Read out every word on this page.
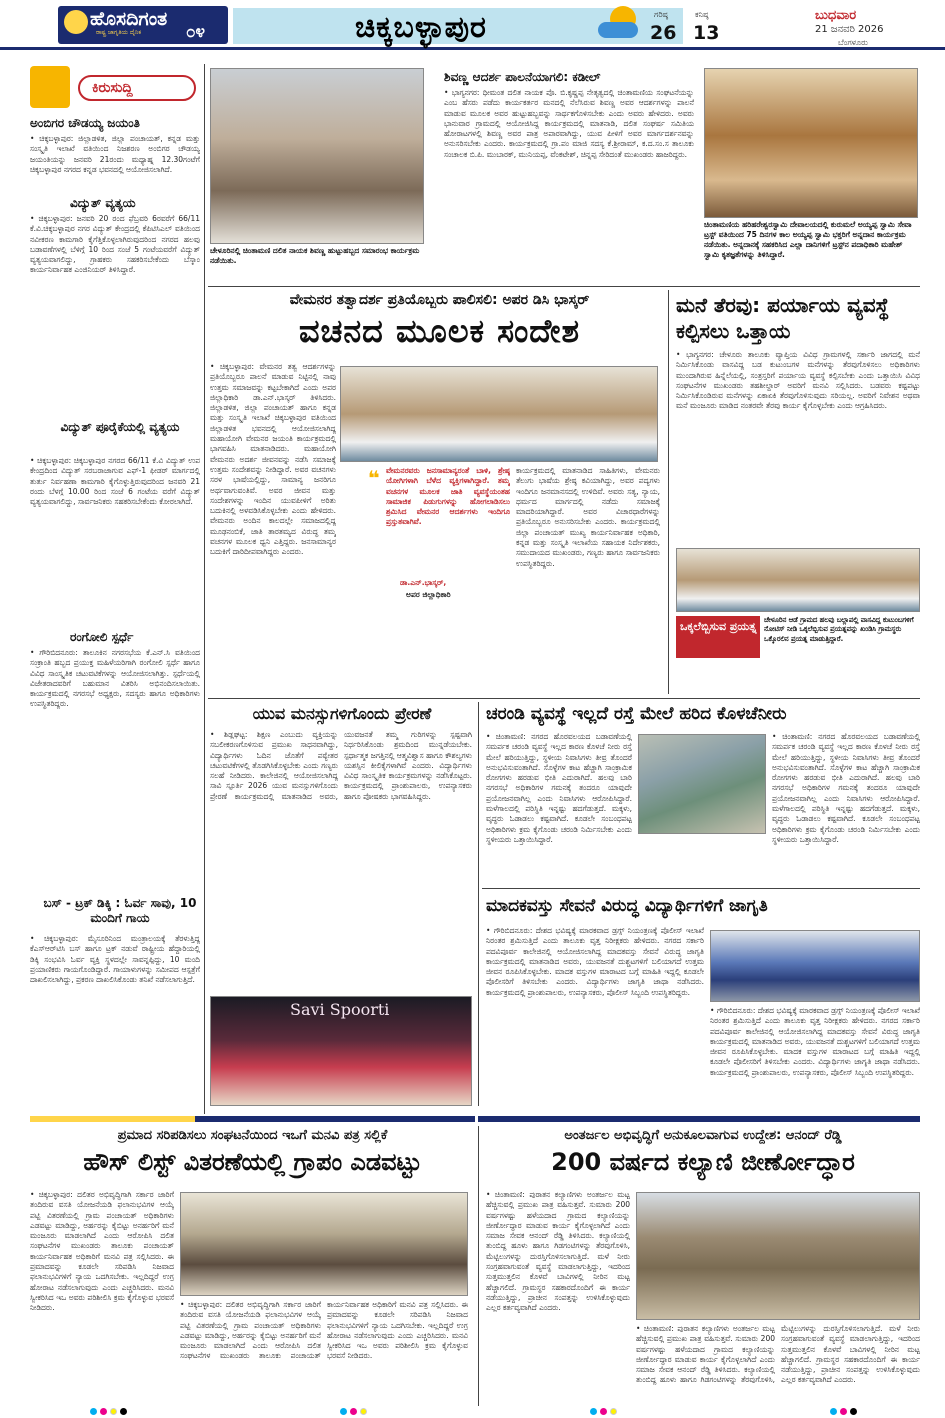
ಹೊಸದಿಗಂತ
ರಾಷ್ಟ್ರ ಜಾಗೃತಿಯ ದೈನಿಕ	೦೪	ಚಿಕ್ಕಬಳ್ಳಾಪುರ	ಗರಿಷ್ಠ
26
ಕನಿಷ್ಠ
13
ಬುಧವಾರ
21 ಜನವರಿ 2026
ಬೆಂಗಳೂರು
ಕಿರುಸುದ್ದಿ
ಅಂಬಿಗರ ಚೌಡಯ್ಯ ಜಯಂತಿ
• ಚಿಕ್ಕಬಳ್ಳಾಪುರ: ಜಿಲ್ಲಾಡಳಿತ, ಜಿಲ್ಲಾ ಪಂಚಾಯತ್, ಕನ್ನಡ ಮತ್ತು ಸಂಸ್ಕೃತಿ ಇಲಾಖೆ ವತಿಯಿಂದ ನಿಜಶರಣ ಅಂಬಿಗರ ಚೌಡಯ್ಯ ಜಯಂತಿಯನ್ನು ಜನವರಿ 21ರಂದು ಮಧ್ಯಾಹ್ನ 12.30ಗಂಟೆಗೆ ಚಿಕ್ಕಬಳ್ಳಾಪುರ ನಗರದ ಕನ್ನಡ ಭವನದಲ್ಲಿ ಆಯೋಜಿಸಲಾಗಿದೆ.
ವಿದ್ಯುತ್ ವ್ಯತ್ಯಯ
• ಚಿಕ್ಕಬಳ್ಳಾಪುರ: ಜನವರಿ 20 ರಂದ ಫೆಬ್ರವರಿ 6ರವರೆಗೆ 66/11 ಕೆ.ವಿ.ಚಿಕ್ಕಬಳ್ಳಾಪುರ ನಗರ ವಿದ್ಯುತ್ ಕೇಂದ್ರದಲ್ಲಿ ಕೆಪಿಟಿಸಿಎಲ್ ವತಿಯಿಂದ ನವೀಕರಣ ಕಾಮಗಾರಿ ಕೈಗೆತ್ತಿಕೊಳ್ಳಲಾಗಿರುವುದರಿಂದ ನಗರದ ಹಲವು ಬಡಾವಣೆಗಳಲ್ಲಿ ಬೆಳಿಗ್ಗೆ 10 ರಿಂದ ಸಂಜೆ 5 ಗಂಟೆಯವರೆಗೆ ವಿದ್ಯುತ್ ವ್ಯತ್ಯಯವಾಗಲಿದ್ದು, ಗ್ರಾಹಕರು ಸಹಕರಿಸಬೇಕೆಂದು ಬೆಸ್ಕಾಂ ಕಾರ್ಯನಿರ್ವಾಹಕ ಎಂಜಿನಿಯರ್ ತಿಳಿಸಿದ್ದಾರೆ.
ವಿದ್ಯುತ್ ಪೂರೈಕೆಯಲ್ಲಿ ವ್ಯತ್ಯಯ
• ಚಿಕ್ಕಬಳ್ಳಾಪುರ: ಚಿಕ್ಕಬಳ್ಳಾಪುರ ನಗರದ 66/11 ಕೆ.ವಿ ವಿದ್ಯುತ್ ಉಪ ಕೇಂದ್ರದಿಂದ ವಿದ್ಯುತ್ ಸರಬರಾಜಾಗುವ ಎಫ್-1 ಫೀಡರ್ ಮಾರ್ಗದಲ್ಲಿ ತುರ್ತು ನಿರ್ವಹಣಾ ಕಾಮಗಾರಿ ಕೈಗೊಳ್ಳುತ್ತಿರುವುದರಿಂದ ಜನವರಿ 21 ರಂದು ಬೆಳಗ್ಗೆ 10.00 ರಿಂದ ಸಂಜೆ 6 ಗಂಟೆಯ ವರೆಗೆ ವಿದ್ಯುತ್ ವ್ಯತ್ಯಯವಾಗಲಿದ್ದು, ಸಾರ್ವಜನಿಕರು ಸಹಕರಿಸಬೇಕೆಂದು ಕೋರಲಾಗಿದೆ.
ರಂಗೋಲಿ ಸ್ಪರ್ಧೆ
• ಗೌರಿಬಿದನೂರು: ತಾಲೂಕಿನ ನಗರಸಭೆಯ ಕೆ.ಎನ್.ಸಿ ವತಿಯಿಂದ ಸಂಕ್ರಾಂತಿ ಹಬ್ಬದ ಪ್ರಯುಕ್ತ ಮಹಿಳೆಯರಿಗಾಗಿ ರಂಗೋಲಿ ಸ್ಪರ್ಧೆ ಹಾಗೂ ವಿವಿಧ ಸಾಂಸ್ಕೃತಿಕ ಚಟುವಟಿಕೆಗಳನ್ನು ಆಯೋಜಿಸಲಾಗಿತ್ತು. ಸ್ಪರ್ಧೆಯಲ್ಲಿ ವಿಜೇತರಾದವರಿಗೆ ಬಹುಮಾನ ವಿತರಿಸಿ ಅಭಿನಂದಿಸಲಾಯಿತು. ಕಾರ್ಯಕ್ರಮದಲ್ಲಿ ನಗರಸಭೆ ಅಧ್ಯಕ್ಷರು, ಸದಸ್ಯರು ಹಾಗೂ ಅಧಿಕಾರಿಗಳು ಉಪಸ್ಥಿತರಿದ್ದರು.
ಬಸ್ - ಟ್ರಕ್ ಡಿಕ್ಕಿ : ಓರ್ವ ಸಾವು, 10 ಮಂದಿಗೆ ಗಾಯ
• ಚಿಕ್ಕಬಳ್ಳಾಪುರ: ಮೈಸೂರಿನಿಂದ ಮಂತ್ರಾಲಯಕ್ಕೆ ತೆರಳುತ್ತಿದ್ದ ಕೆಎಸ್ಆರ್‌ಟಿಸಿ ಬಸ್ ಹಾಗೂ ಟ್ರಕ್ ನಡುವೆ ರಾಷ್ಟ್ರೀಯ ಹೆದ್ದಾರಿಯಲ್ಲಿ ಡಿಕ್ಕಿ ಸಂಭವಿಸಿ ಓರ್ವ ವ್ಯಕ್ತಿ ಸ್ಥಳದಲ್ಲೇ ಸಾವನ್ನಪ್ಪಿದ್ದು, 10 ಮಂದಿ ಪ್ರಯಾಣಿಕರು ಗಾಯಗೊಂಡಿದ್ದಾರೆ. ಗಾಯಾಳುಗಳನ್ನು ಸಮೀಪದ ಆಸ್ಪತ್ರೆಗೆ ದಾಖಲಿಸಲಾಗಿದ್ದು, ಪ್ರಕರಣ ದಾಖಲಿಸಿಕೊಂಡು ತನಿಖೆ ನಡೆಸಲಾಗುತ್ತಿದೆ.
ಚೇಳೂರಿನಲ್ಲಿ ಚಿಂತಾಮಣಿ ದಲಿತ ನಾಯಕ ಶಿವಣ್ಣ ಹುಟ್ಟುಹಬ್ಬದ ಸಮಾರಂಭ ಕಾರ್ಯಕ್ರಮ ನಡೆಯಿತು.
ಶಿವಣ್ಣ ಆದರ್ಶ ಪಾಲನೆಯಾಗಲಿ: ಕಡೀಲ್
• ಭಾಗ್ಯನಗರ: ಧೀಮಂತ ದಲಿತ ನಾಯಕ ಪೊ. ಬಿ.ಕೃಷ್ಣಪ್ಪ ನೇತೃತ್ವದಲ್ಲಿ ಚಿಂತಾಮಣಿಯ ಸಂಘಟನೆಯನ್ನು ಎಂಬ ಹೆಸರು ಪಡೆದು ಕಾರ್ಯಕರ್ತರ ಮನದಲ್ಲಿ ನೆಲೆಸಿರುವ ಶಿವಣ್ಣ ಅವರ ಆದರ್ಶಗಳನ್ನು ಪಾಲನೆ ಮಾಡುವ ಮೂಲಕ ಅವರ ಹುಟ್ಟುಹಬ್ಬವನ್ನು ಸಾರ್ಥಕಗೊಳಿಸಬೇಕು ಎಂದು ಅವರು ಹೇಳಿದರು. ಅವರು ಭಾನುವಾರ ಗ್ರಾಮದಲ್ಲಿ ಆಯೋಜಿಸಿದ್ದ ಕಾರ್ಯಕ್ರಮದಲ್ಲಿ ಮಾತನಾಡಿ, ದಲಿತ ಸಂಘರ್ಷ ಸಮಿತಿಯ ಹೋರಾಟಗಳಲ್ಲಿ ಶಿವಣ್ಣ ಅವರ ಪಾತ್ರ ಅಪಾರವಾಗಿದ್ದು, ಯುವ ಪೀಳಿಗೆ ಅವರ ಮಾರ್ಗದರ್ಶನವನ್ನು ಅನುಸರಿಸಬೇಕು ಎಂದರು. ಕಾರ್ಯಕ್ರಮದಲ್ಲಿ ಗ್ರಾ.ಪಂ ಮಾಜಿ ಸದಸ್ಯ ಕೆ.ಶ್ರೀರಾಮ್, ಕ.ದ.ಸಂ.ಸ ತಾಲೂಕು ಸಂಚಾಲಕ ಬಿ.ಪಿ. ಮುಬಾರಕ್, ಮುನಿಯಪ್ಪ, ವೆಂಕಟೇಶ್, ಚಿನ್ನಪ್ಪ ಸೇರಿದಂತೆ ಮುಖಂಡರು ಹಾಜರಿದ್ದರು.
ಚಿಂತಾಮಣಿಯ ಹರಿಹರೇಶ್ವರಸ್ವಾಮಿ ದೇವಾಲಯದಲ್ಲಿ ಕುರುಮಲೆ ಅಯ್ಯಪ್ಪ ಸ್ವಾಮಿ ಸೇವಾ ಟ್ರಸ್ಟ್ ವತಿಯಿಂದ 75 ದಿನಗಳ ಕಾಲ ಅಯ್ಯಪ್ಪ ಸ್ವಾಮಿ ಭಕ್ತರಿಗೆ ಅನ್ನದಾನ ಕಾರ್ಯಕ್ರಮ ನಡೆಯಿತು. ಅನ್ನದಾನಕ್ಕೆ ಸಹಕರಿಸಿದ ಎಲ್ಲಾ ದಾನಿಗಳಿಗೆ ಟ್ರಸ್ಟ್‌ನ ಪದಾಧಿಕಾರಿ ಮಹೇಶ್ ಸ್ವಾಮಿ ಕೃತಜ್ಞತೆಗಳನ್ನು ತಿಳಿಸಿದ್ದಾರೆ.
ವೇಮನರ ತತ್ವಾದರ್ಶ ಪ್ರತಿಯೊಬ್ಬರು ಪಾಲಿಸಲಿ: ಅಪರ ಡಿಸಿ ಭಾಸ್ಕರ್
ವಚನದ ಮೂಲಕ ಸಂದೇಶ
• ಚಿಕ್ಕಬಳ್ಳಾಪುರ: ವೇಮನರ ತತ್ವ ಆದರ್ಶಗಳನ್ನು ಪ್ರತಿಯೊಬ್ಬರೂ ಪಾಲನೆ ಮಾಡುವ ನಿಟ್ಟಿನಲ್ಲಿ ನಾವು ಉತ್ತಮ ಸಮಾಜವನ್ನು ಕಟ್ಟಬೇಕಾಗಿದೆ ಎಂದು ಅಪರ ಜಿಲ್ಲಾಧಿಕಾರಿ ಡಾ.ಎನ್.ಭಾಸ್ಕರ್ ತಿಳಿಸಿದರು. ಜಿಲ್ಲಾಡಳಿತ, ಜಿಲ್ಲಾ ಪಂಚಾಯತ್ ಹಾಗೂ ಕನ್ನಡ ಮತ್ತು ಸಂಸ್ಕೃತಿ ಇಲಾಖೆ ಚಿಕ್ಕಬಳ್ಳಾಪುರ ವತಿಯಿಂದ ಜಿಲ್ಲಾಡಳಿತ ಭವನದಲ್ಲಿ ಆಯೋಜಿಸಲಾಗಿದ್ದ ಮಹಾಯೋಗಿ ವೇಮನರ ಜಯಂತಿ ಕಾರ್ಯಕ್ರಮದಲ್ಲಿ ಭಾಗವಹಿಸಿ ಮಾತನಾಡಿದರು. ಮಹಾಯೋಗಿ ವೇಮನರು ಅದರ್ಶ ಜೀವನವನ್ನು ನಡೆಸಿ ಸಮಾಜಕ್ಕೆ ಉತ್ತಮ ಸಂದೇಶವನ್ನು ನೀಡಿದ್ದಾರೆ. ಅವರ ವಚನಗಳು ಸರಳ ಭಾಷೆಯಲ್ಲಿದ್ದು, ಸಾಮಾನ್ಯ ಜನರಿಗೂ ಅರ್ಥವಾಗುವಂತಿವೆ. ಅವರ ಜೀವನ ಮತ್ತು ಸಂದೇಶಗಳನ್ನು ಇಂದಿನ ಯುವಪೀಳಿಗೆ ಅರಿತು ಬದುಕಿನಲ್ಲಿ ಅಳವಡಿಸಿಕೊಳ್ಳಬೇಕು ಎಂದು ಹೇಳಿದರು. ವೇಮನರು ಅಂದಿನ ಕಾಲದಲ್ಲೇ ಸಮಾಜದಲ್ಲಿದ್ದ ಮೂಢನಂಬಿಕೆ, ಜಾತಿ ತಾರತಮ್ಯದ ವಿರುದ್ಧ ತಮ್ಮ ವಚನಗಳ ಮೂಲಕ ಧ್ವನಿ ಎತ್ತಿದ್ದರು. ಜನಸಾಮಾನ್ಯರ ಬದುಕಿಗೆ ದಾರಿದೀಪವಾಗಿದ್ದರು ಎಂದರು.
❝ ವೇಮನರವರು ಜನಸಾಮಾನ್ಯರಂತೆ ಬಾಳಿ, ಶ್ರೇಷ್ಠ ಯೋಗಿಗಳಾಗಿ ಬೆಳೆದ ವ್ಯಕ್ತಿಗಳಾಗಿದ್ದಾರೆ. ತಮ್ಮ ವಚನಗಳ ಮೂಲಕ ಜಾತಿ ವ್ಯವಸ್ಥೆಯಂತಹ ಸಾಮಾಜಿಕ ಪಿಡುಗುಗಳನ್ನು ಹೋಗಲಾಡಿಸಲು ಶ್ರಮಿಸಿದ ವೇಮನರ ಆದರ್ಶಗಳು ಇಂದಿಗೂ ಪ್ರಸ್ತುತವಾಗಿವೆ.
ಡಾ.ಎನ್.ಭಾಸ್ಕರ್,
ಅಪರ ಜಿಲ್ಲಾಧಿಕಾರಿ
ಕಾರ್ಯಕ್ರಮದಲ್ಲಿ ಮಾತನಾಡಿದ ಸಾಹಿತಿಗಳು, ವೇಮನರು ತೆಲುಗು ಭಾಷೆಯ ಶ್ರೇಷ್ಠ ಕವಿಯಾಗಿದ್ದು, ಅವರ ಪದ್ಯಗಳು ಇಂದಿಗೂ ಜನಮಾನಸದಲ್ಲಿ ಉಳಿದಿವೆ. ಅವರು ಸತ್ಯ, ನ್ಯಾಯ, ಧರ್ಮದ ಮಾರ್ಗದಲ್ಲಿ ನಡೆದು ಸಮಾಜಕ್ಕೆ ಮಾದರಿಯಾಗಿದ್ದಾರೆ. ಅವರ ವಿಚಾರಧಾರೆಗಳನ್ನು ಪ್ರತಿಯೊಬ್ಬರೂ ಅನುಸರಿಸಬೇಕು ಎಂದರು. ಕಾರ್ಯಕ್ರಮದಲ್ಲಿ ಜಿಲ್ಲಾ ಪಂಚಾಯತ್ ಮುಖ್ಯ ಕಾರ್ಯನಿರ್ವಾಹಕ ಅಧಿಕಾರಿ, ಕನ್ನಡ ಮತ್ತು ಸಂಸ್ಕೃತಿ ಇಲಾಖೆಯ ಸಹಾಯಕ ನಿರ್ದೇಶಕರು, ಸಮುದಾಯದ ಮುಖಂಡರು, ಗಣ್ಯರು ಹಾಗೂ ಸಾರ್ವಜನಿಕರು ಉಪಸ್ಥಿತರಿದ್ದರು.
ಮನೆ ತೆರವು: ಪರ್ಯಾಯ ವ್ಯವಸ್ಥೆ ಕಲ್ಪಿಸಲು ಒತ್ತಾಯ
• ಭಾಗ್ಯನಗರ: ಚೇಳೂರು ತಾಲೂಕು ವ್ಯಾಪ್ತಿಯ ವಿವಿಧ ಗ್ರಾಮಗಳಲ್ಲಿ ಸರ್ಕಾರಿ ಜಾಗದಲ್ಲಿ ಮನೆ ನಿರ್ಮಿಸಿಕೊಂಡು ವಾಸವಿದ್ದ ಬಡ ಕುಟುಂಬಗಳ ಮನೆಗಳನ್ನು ತೆರವುಗೊಳಿಸಲು ಅಧಿಕಾರಿಗಳು ಮುಂದಾಗಿರುವ ಹಿನ್ನೆಲೆಯಲ್ಲಿ, ಸಂತ್ರಸ್ತರಿಗೆ ಪರ್ಯಾಯ ವ್ಯವಸ್ಥೆ ಕಲ್ಪಿಸಬೇಕು ಎಂದು ಒತ್ತಾಯಿಸಿ ವಿವಿಧ ಸಂಘಟನೆಗಳ ಮುಖಂಡರು ತಹಶೀಲ್ದಾರ್ ಅವರಿಗೆ ಮನವಿ ಸಲ್ಲಿಸಿದರು. ಬಡವರು ಕಷ್ಟಪಟ್ಟು ನಿರ್ಮಿಸಿಕೊಂಡಿರುವ ಮನೆಗಳನ್ನು ಏಕಾಏಕಿ ತೆರವುಗೊಳಿಸುವುದು ಸರಿಯಲ್ಲ. ಅವರಿಗೆ ನಿವೇಶನ ಅಥವಾ ಮನೆ ಮಂಜೂರು ಮಾಡಿದ ನಂತರವೇ ತೆರವು ಕಾರ್ಯ ಕೈಗೊಳ್ಳಬೇಕು ಎಂದು ಆಗ್ರಹಿಸಿದರು.
ಒಕ್ಕಲೆಬ್ಬಿಸುವ ಪ್ರಯತ್ನ ಚೇಳೂರಿನ ಆಡೆ ಗ್ರಾಮದ ಹಲವು ಬಲ್ಲಾಪಲ್ಲಿ ವಾಸವಿದ್ದ ಕುಟುಂಬಗಳಿಗೆ ನೋಟಿಸ್ ನೀಡಿ ಒಕ್ಕಲೆಬ್ಬಿಸುವ ಪ್ರಯತ್ನವನ್ನು ಖಂಡಿಸಿ ಗ್ರಾಮಸ್ಥರು ಒಕ್ಕೊರಲಿನ ಪ್ರಯತ್ನ ಮಾಡುತ್ತಿದ್ದಾರೆ.
ಯುವ ಮನಸ್ಸುಗಳಿಗೊಂದು ಪ್ರೇರಣೆ
• ಶಿಡ್ಲಘಟ್ಟ: ಶಿಕ್ಷಣ ಎಂಬುದು ವ್ಯಕ್ತಿಯನ್ನು ಸಬಲೀಕರಣಗೊಳಿಸುವ ಪ್ರಮುಖ ಸಾಧನವಾಗಿದ್ದು, ವಿದ್ಯಾರ್ಥಿಗಳು ಓದಿನ ಜೊತೆಗೆ ಪಠ್ಯೇತರ ಚಟುವಟಿಕೆಗಳಲ್ಲಿ ತೊಡಗಿಸಿಕೊಳ್ಳಬೇಕು ಎಂದು ಗಣ್ಯರು ಸಲಹೆ ನೀಡಿದರು. ಕಾಲೇಜಿನಲ್ಲಿ ಆಯೋಜಿಸಲಾಗಿದ್ದ ಸಾವಿ ಸ್ಪೂರ್ತಿ 2026 ಯುವ ಮನಸ್ಸುಗಳಿಗೊಂದು ಪ್ರೇರಣೆ ಕಾರ್ಯಕ್ರಮದಲ್ಲಿ ಮಾತನಾಡಿದ ಅವರು, ಯುವಜನತೆ ತಮ್ಮ ಗುರಿಗಳನ್ನು ಸ್ಪಷ್ಟವಾಗಿ ನಿರ್ಧರಿಸಿಕೊಂಡು ಶ್ರಮದಿಂದ ಮುನ್ನಡೆಯಬೇಕು. ಸ್ಪರ್ಧಾತ್ಮಕ ಜಗತ್ತಿನಲ್ಲಿ ಆತ್ಮವಿಶ್ವಾಸ ಹಾಗೂ ಕೌಶಲ್ಯಗಳು ಯಶಸ್ಸಿನ ಕೀಲಿಕೈಗಳಾಗಿವೆ ಎಂದರು. ವಿದ್ಯಾರ್ಥಿಗಳು ವಿವಿಧ ಸಾಂಸ್ಕೃತಿಕ ಕಾರ್ಯಕ್ರಮಗಳನ್ನು ನಡೆಸಿಕೊಟ್ಟರು. ಕಾರ್ಯಕ್ರಮದಲ್ಲಿ ಪ್ರಾಂಶುಪಾಲರು, ಉಪನ್ಯಾಸಕರು ಹಾಗೂ ಪೋಷಕರು ಭಾಗವಹಿಸಿದ್ದರು.
Savi Spoorti
ಚರಂಡಿ ವ್ಯವಸ್ಥೆ ಇಲ್ಲದೆ ರಸ್ತೆ ಮೇಲೆ ಹರಿದ ಕೊಳಚೆನೀರು
• ಚಿಂತಾಮಣಿ: ನಗರದ ಹೊರವಲಯದ ಬಡಾವಣೆಯಲ್ಲಿ ಸಮರ್ಪಕ ಚರಂಡಿ ವ್ಯವಸ್ಥೆ ಇಲ್ಲದ ಕಾರಣ ಕೊಳಚೆ ನೀರು ರಸ್ತೆ ಮೇಲೆ ಹರಿಯುತ್ತಿದ್ದು, ಸ್ಥಳೀಯ ನಿವಾಸಿಗಳು ತೀವ್ರ ತೊಂದರೆ ಅನುಭವಿಸುವಂತಾಗಿದೆ. ಸೊಳ್ಳೆಗಳ ಕಾಟ ಹೆಚ್ಚಾಗಿ ಸಾಂಕ್ರಾಮಿಕ ರೋಗಗಳು ಹರಡುವ ಭೀತಿ ಎದುರಾಗಿದೆ. ಹಲವು ಬಾರಿ ನಗರಸಭೆ ಅಧಿಕಾರಿಗಳ ಗಮನಕ್ಕೆ ತಂದರೂ ಯಾವುದೇ ಪ್ರಯೋಜನವಾಗಿಲ್ಲ ಎಂದು ನಿವಾಸಿಗಳು ಆರೋಪಿಸಿದ್ದಾರೆ. ಮಳೆಗಾಲದಲ್ಲಿ ಪರಿಸ್ಥಿತಿ ಇನ್ನಷ್ಟು ಹದಗೆಡುತ್ತದೆ. ಮಕ್ಕಳು, ವೃದ್ಧರು ಓಡಾಡಲು ಕಷ್ಟವಾಗಿದೆ. ಕೂಡಲೇ ಸಂಬಂಧಪಟ್ಟ ಅಧಿಕಾರಿಗಳು ಕ್ರಮ ಕೈಗೊಂಡು ಚರಂಡಿ ನಿರ್ಮಿಸಬೇಕು ಎಂದು ಸ್ಥಳೀಯರು ಒತ್ತಾಯಿಸಿದ್ದಾರೆ.
• ಚಿಂತಾಮಣಿ: ನಗರದ ಹೊರವಲಯದ ಬಡಾವಣೆಯಲ್ಲಿ ಸಮರ್ಪಕ ಚರಂಡಿ ವ್ಯವಸ್ಥೆ ಇಲ್ಲದ ಕಾರಣ ಕೊಳಚೆ ನೀರು ರಸ್ತೆ ಮೇಲೆ ಹರಿಯುತ್ತಿದ್ದು, ಸ್ಥಳೀಯ ನಿವಾಸಿಗಳು ತೀವ್ರ ತೊಂದರೆ ಅನುಭವಿಸುವಂತಾಗಿದೆ. ಸೊಳ್ಳೆಗಳ ಕಾಟ ಹೆಚ್ಚಾಗಿ ಸಾಂಕ್ರಾಮಿಕ ರೋಗಗಳು ಹರಡುವ ಭೀತಿ ಎದುರಾಗಿದೆ. ಹಲವು ಬಾರಿ ನಗರಸಭೆ ಅಧಿಕಾರಿಗಳ ಗಮನಕ್ಕೆ ತಂದರೂ ಯಾವುದೇ ಪ್ರಯೋಜನವಾಗಿಲ್ಲ ಎಂದು ನಿವಾಸಿಗಳು ಆರೋಪಿಸಿದ್ದಾರೆ. ಮಳೆಗಾಲದಲ್ಲಿ ಪರಿಸ್ಥಿತಿ ಇನ್ನಷ್ಟು ಹದಗೆಡುತ್ತದೆ. ಮಕ್ಕಳು, ವೃದ್ಧರು ಓಡಾಡಲು ಕಷ್ಟವಾಗಿದೆ. ಕೂಡಲೇ ಸಂಬಂಧಪಟ್ಟ ಅಧಿಕಾರಿಗಳು ಕ್ರಮ ಕೈಗೊಂಡು ಚರಂಡಿ ನಿರ್ಮಿಸಬೇಕು ಎಂದು ಸ್ಥಳೀಯರು ಒತ್ತಾಯಿಸಿದ್ದಾರೆ.
ಮಾದಕವಸ್ತು ಸೇವನೆ ವಿರುದ್ಧ ವಿದ್ಯಾರ್ಥಿಗಳಿಗೆ ಜಾಗೃತಿ
• ಗೌರಿಬಿದನೂರು: ದೇಶದ ಭವಿಷ್ಯಕ್ಕೆ ಮಾರಕವಾದ ಡ್ರಗ್ಸ್ ನಿಯಂತ್ರಣಕ್ಕೆ ಪೊಲೀಸ್ ಇಲಾಖೆ ನಿರಂತರ ಶ್ರಮಿಸುತ್ತಿದೆ ಎಂದು ತಾಲೂಕು ವೃತ್ತ ನಿರೀಕ್ಷಕರು ಹೇಳಿದರು. ನಗರದ ಸರ್ಕಾರಿ ಪದವಿಪೂರ್ವ ಕಾಲೇಜಿನಲ್ಲಿ ಆಯೋಜಿಸಲಾಗಿದ್ದ ಮಾದಕವಸ್ತು ಸೇವನೆ ವಿರುದ್ಧ ಜಾಗೃತಿ ಕಾರ್ಯಕ್ರಮದಲ್ಲಿ ಮಾತನಾಡಿದ ಅವರು, ಯುವಜನತೆ ದುಶ್ಚಟಗಳಿಗೆ ಬಲಿಯಾಗದೆ ಉತ್ತಮ ಜೀವನ ರೂಪಿಸಿಕೊಳ್ಳಬೇಕು. ಮಾದಕ ವಸ್ತುಗಳ ಮಾರಾಟದ ಬಗ್ಗೆ ಮಾಹಿತಿ ಇದ್ದಲ್ಲಿ ಕೂಡಲೇ ಪೊಲೀಸರಿಗೆ ತಿಳಿಸಬೇಕು ಎಂದರು. ವಿದ್ಯಾರ್ಥಿಗಳು ಜಾಗೃತಿ ಜಾಥಾ ನಡೆಸಿದರು. ಕಾರ್ಯಕ್ರಮದಲ್ಲಿ ಪ್ರಾಂಶುಪಾಲರು, ಉಪನ್ಯಾಸಕರು, ಪೊಲೀಸ್ ಸಿಬ್ಬಂದಿ ಉಪಸ್ಥಿತರಿದ್ದರು.
• ಗೌರಿಬಿದನೂರು: ದೇಶದ ಭವಿಷ್ಯಕ್ಕೆ ಮಾರಕವಾದ ಡ್ರಗ್ಸ್ ನಿಯಂತ್ರಣಕ್ಕೆ ಪೊಲೀಸ್ ಇಲಾಖೆ ನಿರಂತರ ಶ್ರಮಿಸುತ್ತಿದೆ ಎಂದು ತಾಲೂಕು ವೃತ್ತ ನಿರೀಕ್ಷಕರು ಹೇಳಿದರು. ನಗರದ ಸರ್ಕಾರಿ ಪದವಿಪೂರ್ವ ಕಾಲೇಜಿನಲ್ಲಿ ಆಯೋಜಿಸಲಾಗಿದ್ದ ಮಾದಕವಸ್ತು ಸೇವನೆ ವಿರುದ್ಧ ಜಾಗೃತಿ ಕಾರ್ಯಕ್ರಮದಲ್ಲಿ ಮಾತನಾಡಿದ ಅವರು, ಯುವಜನತೆ ದುಶ್ಚಟಗಳಿಗೆ ಬಲಿಯಾಗದೆ ಉತ್ತಮ ಜೀವನ ರೂಪಿಸಿಕೊಳ್ಳಬೇಕು. ಮಾದಕ ವಸ್ತುಗಳ ಮಾರಾಟದ ಬಗ್ಗೆ ಮಾಹಿತಿ ಇದ್ದಲ್ಲಿ ಕೂಡಲೇ ಪೊಲೀಸರಿಗೆ ತಿಳಿಸಬೇಕು ಎಂದರು. ವಿದ್ಯಾರ್ಥಿಗಳು ಜಾಗೃತಿ ಜಾಥಾ ನಡೆಸಿದರು. ಕಾರ್ಯಕ್ರಮದಲ್ಲಿ ಪ್ರಾಂಶುಪಾಲರು, ಉಪನ್ಯಾಸಕರು, ಪೊಲೀಸ್ ಸಿಬ್ಬಂದಿ ಉಪಸ್ಥಿತರಿದ್ದರು.
ಪ್ರಮಾದ ಸರಿಪಡಿಸಲು ಸಂಘಟನೆಯಿಂದ ಇಒಗೆ ಮನವಿ ಪತ್ರ ಸಲ್ಲಿಕೆ
ಹೌಸ್ ಲಿಸ್ಟ್ ವಿತರಣೆಯಲ್ಲಿ ಗ್ರಾಪಂ ಎಡವಟ್ಟು
• ಚಿಕ್ಕಬಳ್ಳಾಪುರ: ದಲಿತರ ಅಭಿವೃದ್ಧಿಗಾಗಿ ಸರ್ಕಾರ ಜಾರಿಗೆ ತಂದಿರುವ ವಸತಿ ಯೋಜನೆಯಡಿ ಫಲಾನುಭವಿಗಳ ಆಯ್ಕೆ ಪಟ್ಟಿ ವಿತರಣೆಯಲ್ಲಿ ಗ್ರಾಮ ಪಂಚಾಯತ್ ಅಧಿಕಾರಿಗಳು ಎಡವಟ್ಟು ಮಾಡಿದ್ದು, ಅರ್ಹರನ್ನು ಕೈಬಿಟ್ಟು ಅನರ್ಹರಿಗೆ ಮನೆ ಮಂಜೂರು ಮಾಡಲಾಗಿದೆ ಎಂದು ಆರೋಪಿಸಿ ದಲಿತ ಸಂಘಟನೆಗಳ ಮುಖಂಡರು ತಾಲೂಕು ಪಂಚಾಯತ್ ಕಾರ್ಯನಿರ್ವಾಹಕ ಅಧಿಕಾರಿಗೆ ಮನವಿ ಪತ್ರ ಸಲ್ಲಿಸಿದರು. ಈ ಪ್ರಮಾದವನ್ನು ಕೂಡಲೇ ಸರಿಪಡಿಸಿ ನಿಜವಾದ ಫಲಾನುಭವಿಗಳಿಗೆ ನ್ಯಾಯ ಒದಗಿಸಬೇಕು. ಇಲ್ಲದಿದ್ದರೆ ಉಗ್ರ ಹೋರಾಟ ನಡೆಸಲಾಗುವುದು ಎಂದು ಎಚ್ಚರಿಸಿದರು. ಮನವಿ ಸ್ವೀಕರಿಸಿದ ಇಒ ಅವರು ಪರಿಶೀಲಿಸಿ ಕ್ರಮ ಕೈಗೊಳ್ಳುವ ಭರವಸೆ ನೀಡಿದರು.	• ಚಿಕ್ಕಬಳ್ಳಾಪುರ: ದಲಿತರ ಅಭಿವೃದ್ಧಿಗಾಗಿ ಸರ್ಕಾರ ಜಾರಿಗೆ ತಂದಿರುವ ವಸತಿ ಯೋಜನೆಯಡಿ ಫಲಾನುಭವಿಗಳ ಆಯ್ಕೆ ಪಟ್ಟಿ ವಿತರಣೆಯಲ್ಲಿ ಗ್ರಾಮ ಪಂಚಾಯತ್ ಅಧಿಕಾರಿಗಳು ಎಡವಟ್ಟು ಮಾಡಿದ್ದು, ಅರ್ಹರನ್ನು ಕೈಬಿಟ್ಟು ಅನರ್ಹರಿಗೆ ಮನೆ ಮಂಜೂರು ಮಾಡಲಾಗಿದೆ ಎಂದು ಆರೋಪಿಸಿ ದಲಿತ ಸಂಘಟನೆಗಳ ಮುಖಂಡರು ತಾಲೂಕು ಪಂಚಾಯತ್ ಕಾರ್ಯನಿರ್ವಾಹಕ ಅಧಿಕಾರಿಗೆ ಮನವಿ ಪತ್ರ ಸಲ್ಲಿಸಿದರು. ಈ ಪ್ರಮಾದವನ್ನು ಕೂಡಲೇ ಸರಿಪಡಿಸಿ ನಿಜವಾದ ಫಲಾನುಭವಿಗಳಿಗೆ ನ್ಯಾಯ ಒದಗಿಸಬೇಕು. ಇಲ್ಲದಿದ್ದರೆ ಉಗ್ರ ಹೋರಾಟ ನಡೆಸಲಾಗುವುದು ಎಂದು ಎಚ್ಚರಿಸಿದರು. ಮನವಿ ಸ್ವೀಕರಿಸಿದ ಇಒ ಅವರು ಪರಿಶೀಲಿಸಿ ಕ್ರಮ ಕೈಗೊಳ್ಳುವ ಭರವಸೆ ನೀಡಿದರು.
ಅಂತರ್ಜಲ ಅಭಿವೃದ್ಧಿಗೆ ಅನುಕೂಲವಾಗುವ ಉದ್ದೇಶ: ಆನಂದ್ ರೆಡ್ಡಿ
200 ವರ್ಷದ ಕಲ್ಯಾಣಿ ಜೀರ್ಣೋದ್ಧಾರ
• ಚಿಂತಾಮಣಿ: ಪುರಾತನ ಕಲ್ಯಾಣಿಗಳು ಅಂತರ್ಜಲ ಮಟ್ಟ ಹೆಚ್ಚಿಸುವಲ್ಲಿ ಪ್ರಮುಖ ಪಾತ್ರ ವಹಿಸುತ್ತವೆ. ಸುಮಾರು 200 ವರ್ಷಗಳಷ್ಟು ಹಳೆಯದಾದ ಗ್ರಾಮದ ಕಲ್ಯಾಣಿಯನ್ನು ಜೀರ್ಣೋದ್ಧಾರ ಮಾಡುವ ಕಾರ್ಯ ಕೈಗೊಳ್ಳಲಾಗಿದೆ ಎಂದು ಸಮಾಜ ಸೇವಕ ಆನಂದ್ ರೆಡ್ಡಿ ತಿಳಿಸಿದರು. ಕಲ್ಯಾಣಿಯಲ್ಲಿ ತುಂಬಿದ್ದ ಹೂಳು ಹಾಗೂ ಗಿಡಗಂಟಿಗಳನ್ನು ತೆರವುಗೊಳಿಸಿ, ಮೆಟ್ಟಿಲುಗಳನ್ನು ದುರಸ್ತಿಗೊಳಿಸಲಾಗುತ್ತಿದೆ. ಮಳೆ ನೀರು ಸಂಗ್ರಹವಾಗುವಂತೆ ವ್ಯವಸ್ಥೆ ಮಾಡಲಾಗುತ್ತಿದ್ದು, ಇದರಿಂದ ಸುತ್ತಮುತ್ತಲಿನ ಕೊಳವೆ ಬಾವಿಗಳಲ್ಲಿ ನೀರಿನ ಮಟ್ಟ ಹೆಚ್ಚಾಗಲಿದೆ. ಗ್ರಾಮಸ್ಥರ ಸಹಕಾರದೊಂದಿಗೆ ಈ ಕಾರ್ಯ ನಡೆಯುತ್ತಿದ್ದು, ಪ್ರಾಚೀನ ಸಂಪತ್ತನ್ನು ಉಳಿಸಿಕೊಳ್ಳುವುದು ಎಲ್ಲರ ಕರ್ತವ್ಯವಾಗಿದೆ ಎಂದರು.
• ಚಿಂತಾಮಣಿ: ಪುರಾತನ ಕಲ್ಯಾಣಿಗಳು ಅಂತರ್ಜಲ ಮಟ್ಟ ಹೆಚ್ಚಿಸುವಲ್ಲಿ ಪ್ರಮುಖ ಪಾತ್ರ ವಹಿಸುತ್ತವೆ. ಸುಮಾರು 200 ವರ್ಷಗಳಷ್ಟು ಹಳೆಯದಾದ ಗ್ರಾಮದ ಕಲ್ಯಾಣಿಯನ್ನು ಜೀರ್ಣೋದ್ಧಾರ ಮಾಡುವ ಕಾರ್ಯ ಕೈಗೊಳ್ಳಲಾಗಿದೆ ಎಂದು ಸಮಾಜ ಸೇವಕ ಆನಂದ್ ರೆಡ್ಡಿ ತಿಳಿಸಿದರು. ಕಲ್ಯಾಣಿಯಲ್ಲಿ ತುಂಬಿದ್ದ ಹೂಳು ಹಾಗೂ ಗಿಡಗಂಟಿಗಳನ್ನು ತೆರವುಗೊಳಿಸಿ, ಮೆಟ್ಟಿಲುಗಳನ್ನು ದುರಸ್ತಿಗೊಳಿಸಲಾಗುತ್ತಿದೆ. ಮಳೆ ನೀರು ಸಂಗ್ರಹವಾಗುವಂತೆ ವ್ಯವಸ್ಥೆ ಮಾಡಲಾಗುತ್ತಿದ್ದು, ಇದರಿಂದ ಸುತ್ತಮುತ್ತಲಿನ ಕೊಳವೆ ಬಾವಿಗಳಲ್ಲಿ ನೀರಿನ ಮಟ್ಟ ಹೆಚ್ಚಾಗಲಿದೆ. ಗ್ರಾಮಸ್ಥರ ಸಹಕಾರದೊಂದಿಗೆ ಈ ಕಾರ್ಯ ನಡೆಯುತ್ತಿದ್ದು, ಪ್ರಾಚೀನ ಸಂಪತ್ತನ್ನು ಉಳಿಸಿಕೊಳ್ಳುವುದು ಎಲ್ಲರ ಕರ್ತವ್ಯವಾಗಿದೆ ಎಂದರು.
